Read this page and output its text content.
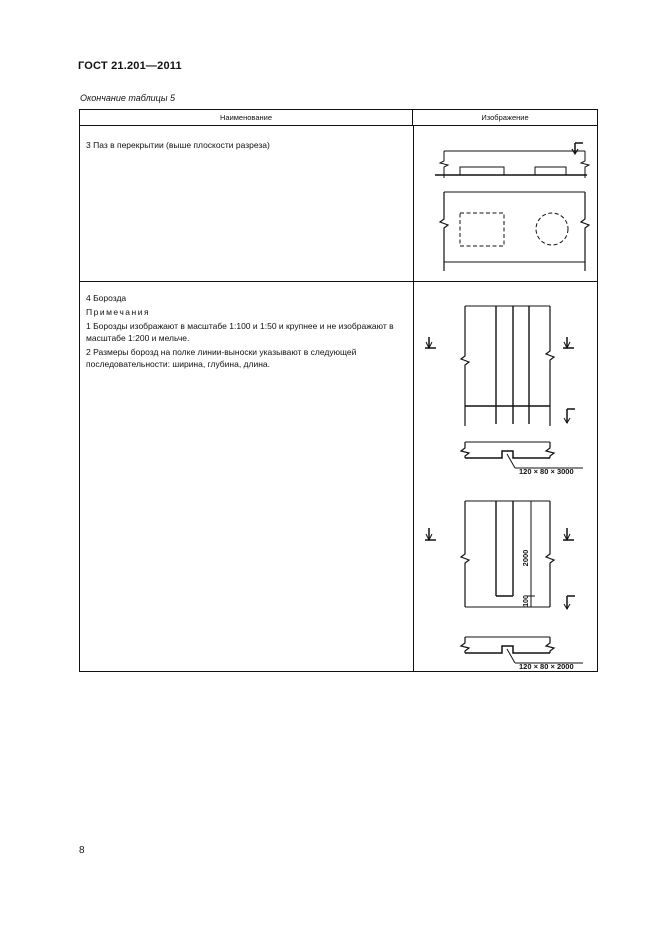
ГОСТ 21.201—2011
Окончание таблицы 5
Наименование	Изображение
3 Паз в перекрытии (выше плоскости разреза)

4 Борозда

Примечания

1 Борозды изображают в масштабе 1:100 и 1:50 и крупнее и не изображают в масштабе 1:200 и мельче.

2 Размеры борозд на полке линии-выноски указывают в следующей последовательности: ширина, глубина, длина.

120 × 80 × 3000
2000
100
120 × 80 × 2000
8
